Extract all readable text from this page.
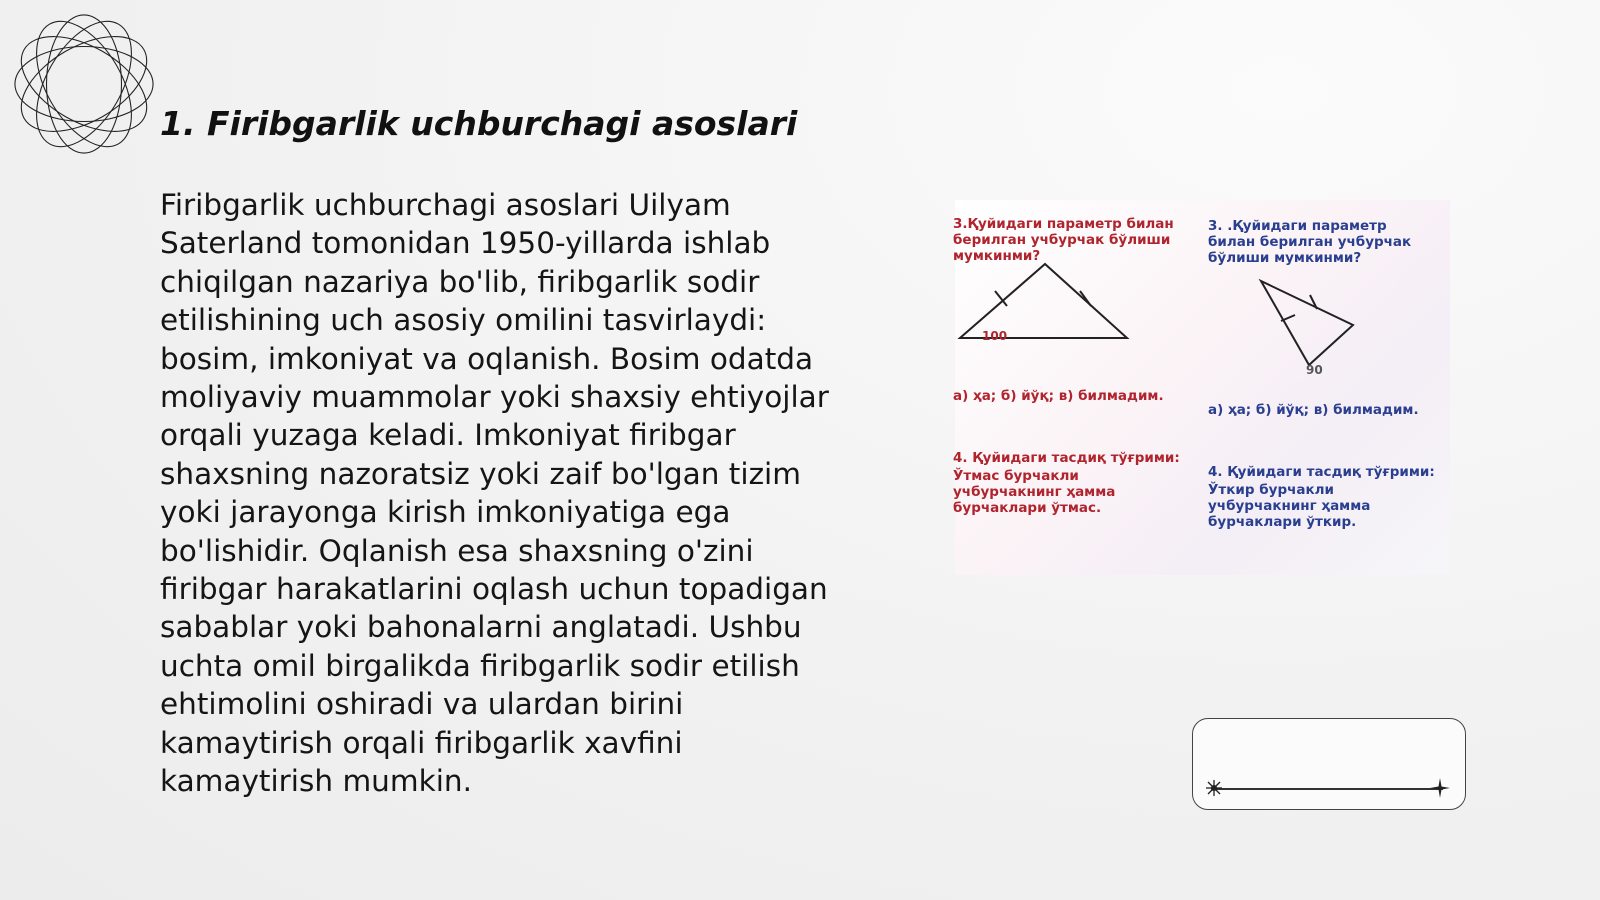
1. Firibgarlik uchburchagi asoslari
Firibgarlik uchburchagi asoslari Uilyam Saterland tomonidan 1950-yillarda ishlab chiqilgan nazariya bo'lib, firibgarlik sodir etilishining uch asosiy omilini tasvirlaydi: bosim, imkoniyat va oqlanish. Bosim odatda moliyaviy muammolar yoki shaxsiy ehtiyojlar orqali yuzaga keladi. Imkoniyat firibgar shaxsning nazoratsiz yoki zaif bo'lgan tizim yoki jarayonga kirish imkoniyatiga ega bo'lishidir. Oqlanish esa shaxsning o'zini firibgar harakatlarini oqlash uchun topadigan sabablar yoki bahonalarni anglatadi. Ushbu uchta omil birgalikda firibgarlik sodir etilish ehtimolini oshiradi va ulardan birini kamaytirish orqali firibgarlik xavfini kamaytirish mumkin.
3.Қуйидаги параметр билан берилган учбурчак бўлиши мумкинми?
100
а) ҳа; б) йўқ; в) билмадим.
4. Қуйидаги тасдиқ тўғрими:
Ўтмас бурчакли учбурчакнинг ҳамма бурчаклари ўтмас.
3. .Қуйидаги параметр билан берилган учбурчак бўлиши мумкинми?
90
а) ҳа; б) йўқ; в) билмадим.
4. Қуйидаги тасдиқ тўғрими:
Ўткир бурчакли учбурчакнинг ҳамма бурчаклари ўткир.
